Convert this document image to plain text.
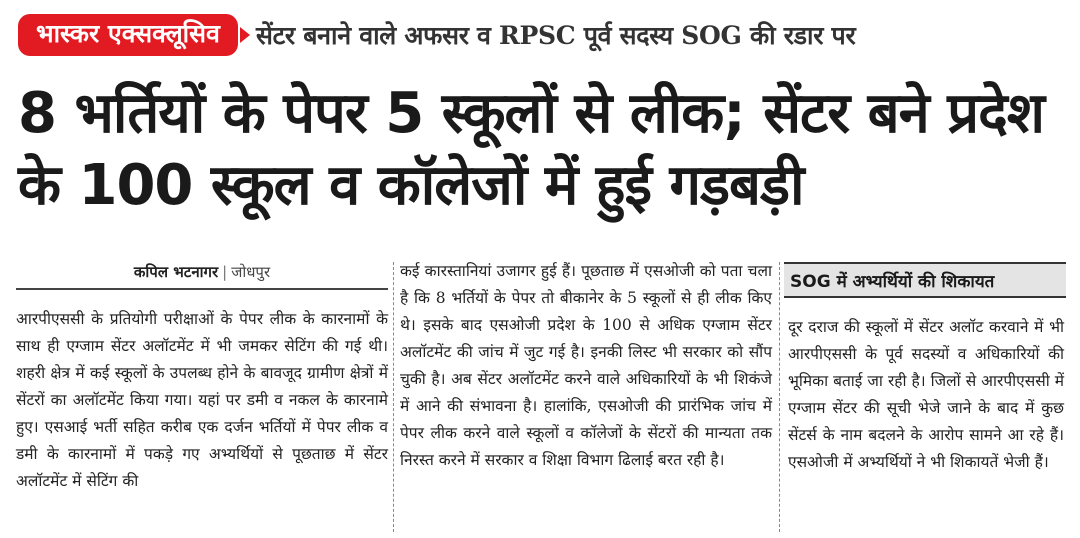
भास्कर एक्सक्लूसिव	सेंटर बनाने वाले अफसर व RPSC पूर्व सदस्य SOG की रडार पर
8 भर्तियों के पेपर 5 स्कूलों से लीक; सेंटर बने प्रदेश के 100 स्कूल व कॉलेजों में हुई गड़बड़ी
कपिल भटनागर | जोधपुर

आरपीएससी के प्रतियोगी परीक्षाओं के पेपर लीक के कारनामों के साथ ही एग्जाम सेंटर अलॉटमेंट में भी जमकर सेटिंग की गई थी। शहरी क्षेत्र में कई स्कूलों के उपलब्ध होने के बावजूद ग्रामीण क्षेत्रों में सेंटरों का अलॉटमेंट किया गया। यहां पर डमी व नकल के कारनामे हुए। एसआई भर्ती सहित करीब एक दर्जन भर्तियों में पेपर लीक व डमी के कारनामों में पकड़े गए अभ्यर्थियों से पूछताछ में सेंटर अलॉटमेंट में सेटिंग की

कई कारस्तानियां उजागर हुई हैं। पूछताछ में एसओजी को पता चला है कि 8 भर्तियों के पेपर तो बीकानेर के 5 स्कूलों से ही लीक किए थे। इसके बाद एसओजी प्रदेश के 100 से अधिक एग्जाम सेंटर अलॉटमेंट की जांच में जुट गई है। इनकी लिस्ट भी सरकार को सौंप चुकी है। अब सेंटर अलॉटमेंट करने वाले अधिकारियों के भी शिकंजे में आने की संभावना है। हालांकि, एसओजी की प्रारंभिक जांच में पेपर लीक करने वाले स्कूलों व कॉलेजों के सेंटरों की मान्यता तक निरस्त करने में सरकार व शिक्षा विभाग ढिलाई बरत रही है।

SOG में अभ्यर्थियों की शिकायत

दूर दराज की स्कूलों में सेंटर अलॉट करवाने में भी आरपीएससी के पूर्व सदस्यों व अधिकारियों की भूमिका बताई जा रही है। जिलों से आरपीएससी में एग्जाम सेंटर की सूची भेजे जाने के बाद में कुछ सेंटर्स के नाम बदलने के आरोप सामने आ रहे हैं। एसओजी में अभ्यर्थियों ने भी शिकायतें भेजी हैं।
